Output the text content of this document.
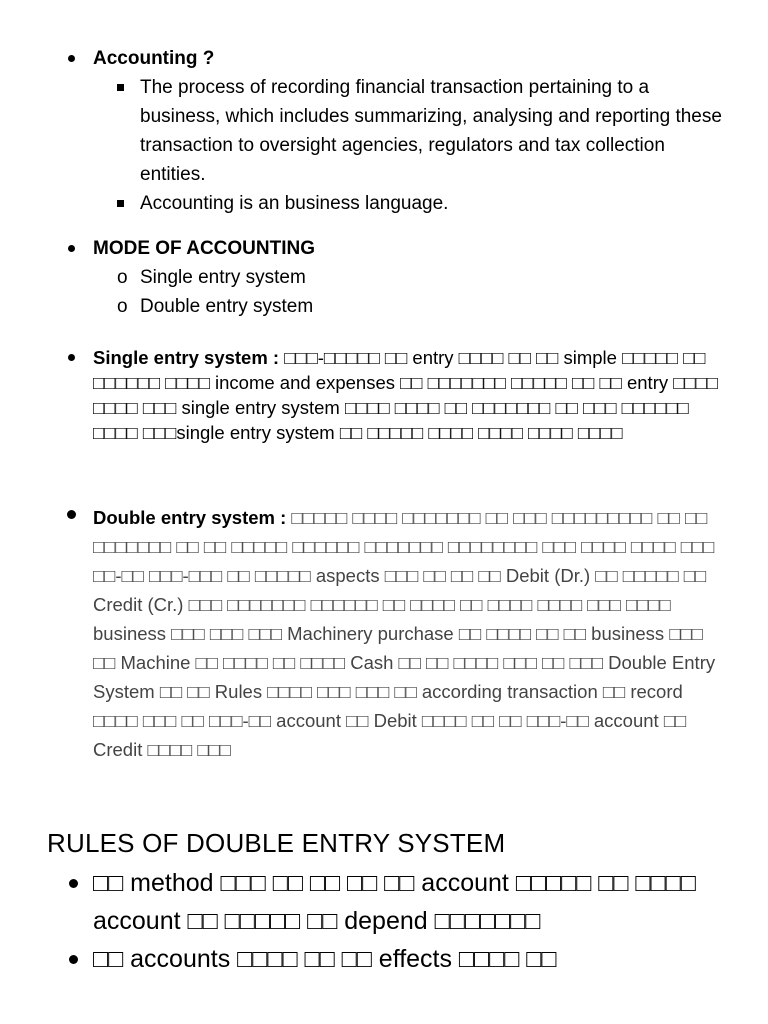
Accounting ?
The process of recording financial transaction pertaining to a business, which includes summarizing, analysing and reporting these transaction to oversight agencies, regulators and tax collection entities.
Accounting is an business language.
MODE OF ACCOUNTING
o Single entry system
o Double entry system
Single entry system : □□□-□□□□□ □□ entry □□□□ □□ □□ simple □□□□□ □□ □□□□□□ □□□□ income and expenses □□ □□□□□□□ □□□□□ □□ □□ entry □□□□ □□□□ □□□ single entry system □□□□ □□□□ □□ □□□□□□□ □□ □□□ □□□□□□ □□□□ □□□single entry system □□ □□□□□ □□□□ □□□□ □□□□ □□□□
Double entry system : □□□□□ □□□□ □□□□□□□ □□ □□□ □□□□□□□□□ □□ □□ □□□□□□□ □□ □□ □□□□□ □□□□□□ □□□□□□□ □□□□□□□□ □□□ □□□□ □□□□ □□□ □□-□□ □□□-□□□ □□ □□□□□ aspects □□□ □□ □□ □□ Debit (Dr.) □□ □□□□□ □□ Credit (Cr.) □□□ □□□□□□□ □□□□□□ □□ □□□□ □□ □□□□ □□□□ □□□ □□□□ business □□□ □□□ □□□ Machinery purchase □□ □□□□ □□ □□ business □□□ □□ Machine □□ □□□□ □□ □□□□ Cash □□ □□ □□□□ □□□ □□ □□□ Double Entry System □□ □□ Rules □□□□ □□□ □□□ □□ according transaction □□ record □□□□ □□□ □□ □□□-□□ account □□ Debit □□□□ □□ □□ □□□-□□ account □□ Credit □□□□ □□□
RULES OF DOUBLE ENTRY SYSTEM
□□ method □□□ □□ □□ □□ □□ account □□□□□ □□ □□□□ account □□ □□□□□ □□ depend □□□□□□□
□□ accounts □□□□ □□ □□ effects □□□□ □□
